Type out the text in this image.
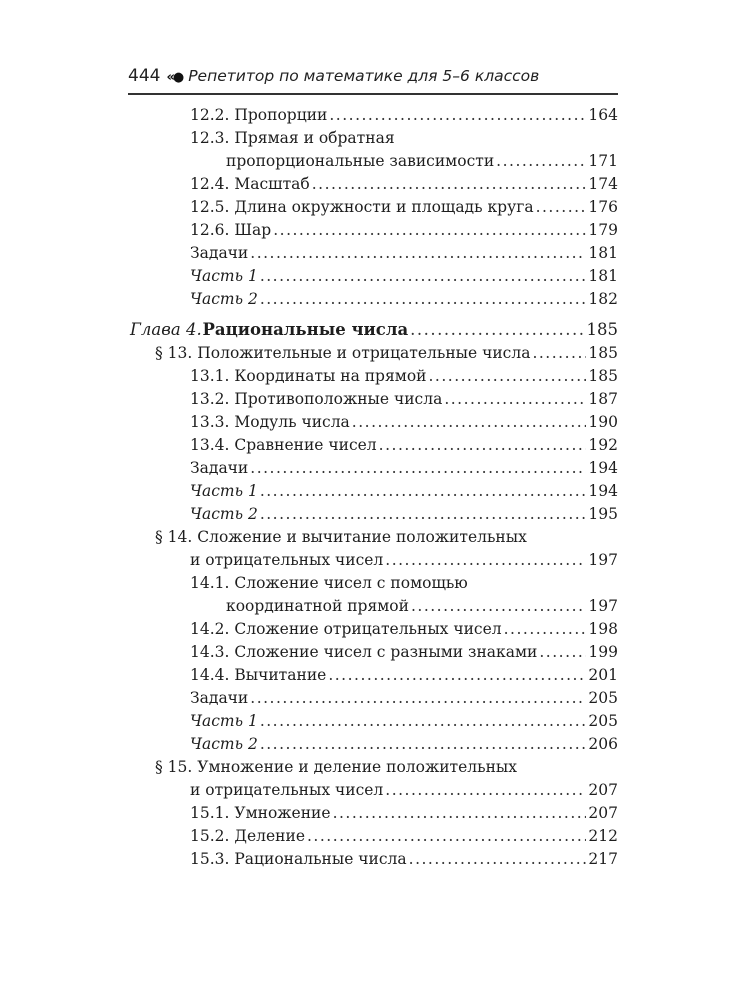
444 «● Репетитор по математике для 5–6 классов
12.2. Пропорции .....	164
12.3. Прямая и обратная
пропорциональные зависимости .....	171
12.4. Масштаб .....	174
12.5. Длина окружности и площадь круга .....	176
12.6. Шар .....	179
Задачи .....	181
Часть 1 .....	181
Часть 2 .....	182
Глава 4. Рациональные числа .....	185
§ 13. Положительные и отрицательные числа .....	185
13.1. Координаты на прямой .....	185
13.2. Противоположные числа .....	187
13.3. Модуль числа .....	190
13.4. Сравнение чисел .....	192
Задачи .....	194
Часть 1 .....	194
Часть 2 .....	195
§ 14. Сложение и вычитание положительных
и отрицательных чисел .....	197
14.1. Сложение чисел с помощью
координатной прямой .....	197
14.2. Сложение отрицательных чисел .....	198
14.3. Сложение чисел с разными знаками .....	199
14.4. Вычитание .....	201
Задачи .....	205
Часть 1 .....	205
Часть 2 .....	206
§ 15. Умножение и деление положительных
и отрицательных чисел .....	207
15.1. Умножение .....	207
15.2. Деление .....	212
15.3. Рациональные числа .....	217
